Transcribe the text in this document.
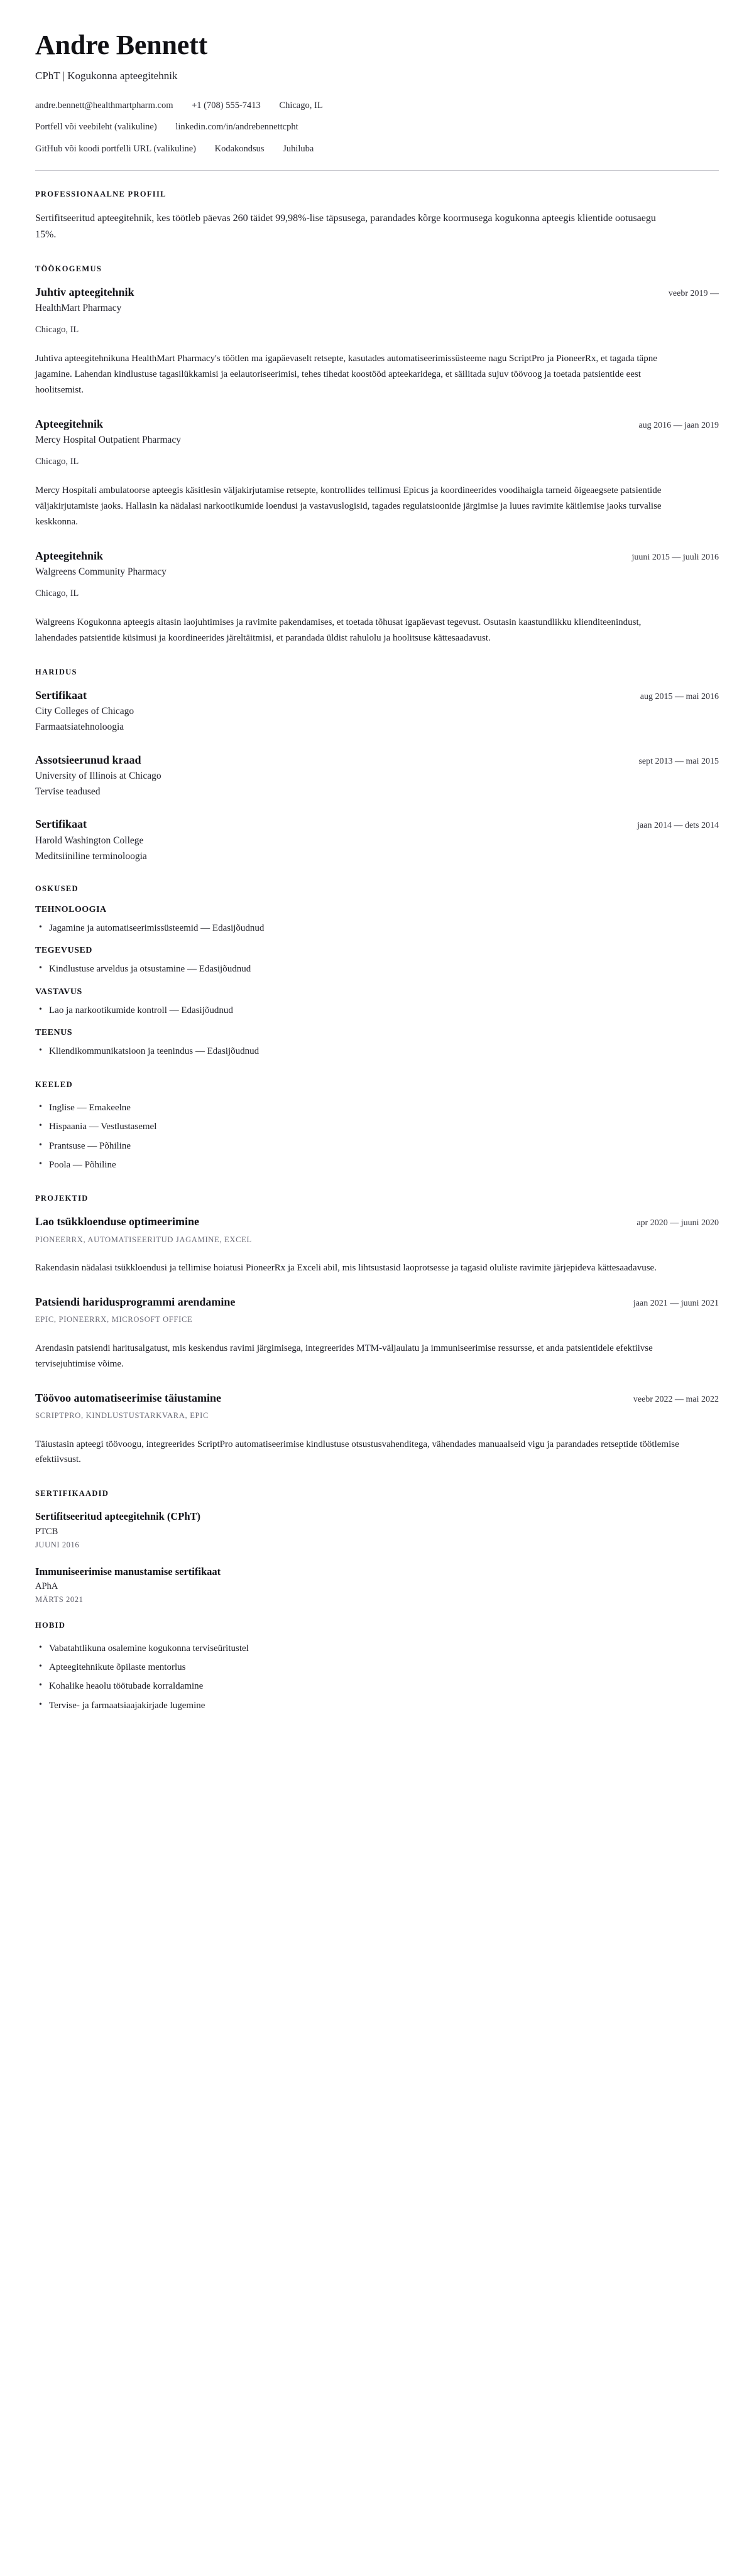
Andre Bennett

CPhT | Kogukonna apteegitehnik

andre.bennett@healthmartpharm.com +1 (708) 555-7413 Chicago, IL
Portfell või veebileht (valikuline) linkedin.com/in/andrebennettcpht
GitHub või koodi portfelli URL (valikuline) Kodakondsus Juhiluba
PROFESSIONAALNE PROFIIL

Sertifitseeritud apteegitehnik, kes töötleb päevas 260 täidet 99,98%-lise täpsusega, parandades kõrge koormusega kogukonna apteegis klientide ootusaegu 15%.

TÖÖKOGEMUS
Juhtiv apteegitehnik	veebr 2019 —

HealthMart Pharmacy

Chicago, IL

Juhtiva apteegitehnikuna HealthMart Pharmacy's töötlen ma igapäevaselt retsepte, kasutades automatiseerimissüsteeme nagu ScriptPro ja PioneerRx, et tagada täpne jagamine. Lahendan kindlustuse tagasilükkamisi ja eelautoriseerimisi, tehes tihedat koostööd apteekaridega, et säilitada sujuv töövoog ja toetada patsientide eest hoolitsemist.

Apteegitehnik	aug 2016 — jaan 2019

Mercy Hospital Outpatient Pharmacy

Chicago, IL

Mercy Hospitali ambulatoorse apteegis käsitlesin väljakirjutamise retsepte, kontrollides tellimusi Epicus ja koordineerides voodihaigla tarneid õigeaegsete patsientide väljakirjutamiste jaoks. Hallasin ka nädalasi narkootikumide loendusi ja vastavuslogisid, tagades regulatsioonide järgimise ja luues ravimite käitlemise jaoks turvalise keskkonna.

Apteegitehnik	juuni 2015 — juuli 2016

Walgreens Community Pharmacy

Chicago, IL

Walgreens Kogukonna apteegis aitasin laojuhtimises ja ravimite pakendamises, et toetada tõhusat igapäevast tegevust. Osutasin kaastundlikku klienditeenindust, lahendades patsientide küsimusi ja koordineerides järeltäitmisi, et parandada üldist rahulolu ja hoolitsuse kättesaadavust.

HARIDUS
Sertifikaat	aug 2015 — mai 2016

City Colleges of Chicago

Farmaatsiatehnoloogia

Assotsieerunud kraad	sept 2013 — mai 2015

University of Illinois at Chicago

Tervise teadused

Sertifikaat	jaan 2014 — dets 2014

Harold Washington College

Meditsiiniline terminoloogia

OSKUSED
TEHNOLOOGIA
• Jagamine ja automatiseerimissüsteemid — Edasijõudnud
TEGEVUSED
• Kindlustuse arveldus ja otsustamine — Edasijõudnud
VASTAVUS
• Lao ja narkootikumide kontroll — Edasijõudnud
TEENUS
• Kliendikommunikatsioon ja teenindus — Edasijõudnud
KEELED
• Inglise — Emakeelne
• Hispaania — Vestlustasemel
• Prantsuse — Põhiline
• Poola — Põhiline
PROJEKTID
Lao tsükkloenduse optimeerimine	apr 2020 — juuni 2020

PIONEERRX, AUTOMATISEERITUD JAGAMINE, EXCEL

Rakendasin nädalasi tsükkloendusi ja tellimise hoiatusi PioneerRx ja Exceli abil, mis lihtsustasid laoprotsesse ja tagasid oluliste ravimite järjepideva kättesaadavuse.

Patsiendi haridusprogrammi arendamine	jaan 2021 — juuni 2021

EPIC, PIONEERRX, MICROSOFT OFFICE

Arendasin patsiendi haritusalgatust, mis keskendus ravimi järgimisega, integreerides MTM-väljaulatu ja immuniseerimise ressursse, et anda patsientidele efektiivse tervisejuhtimise võime.

Töövoo automatiseerimise täiustamine	veebr 2022 — mai 2022

SCRIPTPRO, KINDLUSTUSTARKVARA, EPIC

Täiustasin apteegi töövoogu, integreerides ScriptPro automatiseerimise kindlustuse otsustusvahenditega, vähendades manuaalseid vigu ja parandades retseptide töötlemise efektiivsust.

SERTIFIKAADID
Sertifitseeritud apteegitehnik (CPhT)

PTCB

JUUNI 2016

Immuniseerimise manustamise sertifikaat

APhA

MÄRTS 2021

HOBID
• Vabatahtlikuna osalemine kogukonna terviseüritustel
• Apteegitehnikute õpilaste mentorlus
• Kohalike heaolu töötubade korraldamine
• Tervise- ja farmaatsiaajakirjade lugemine
